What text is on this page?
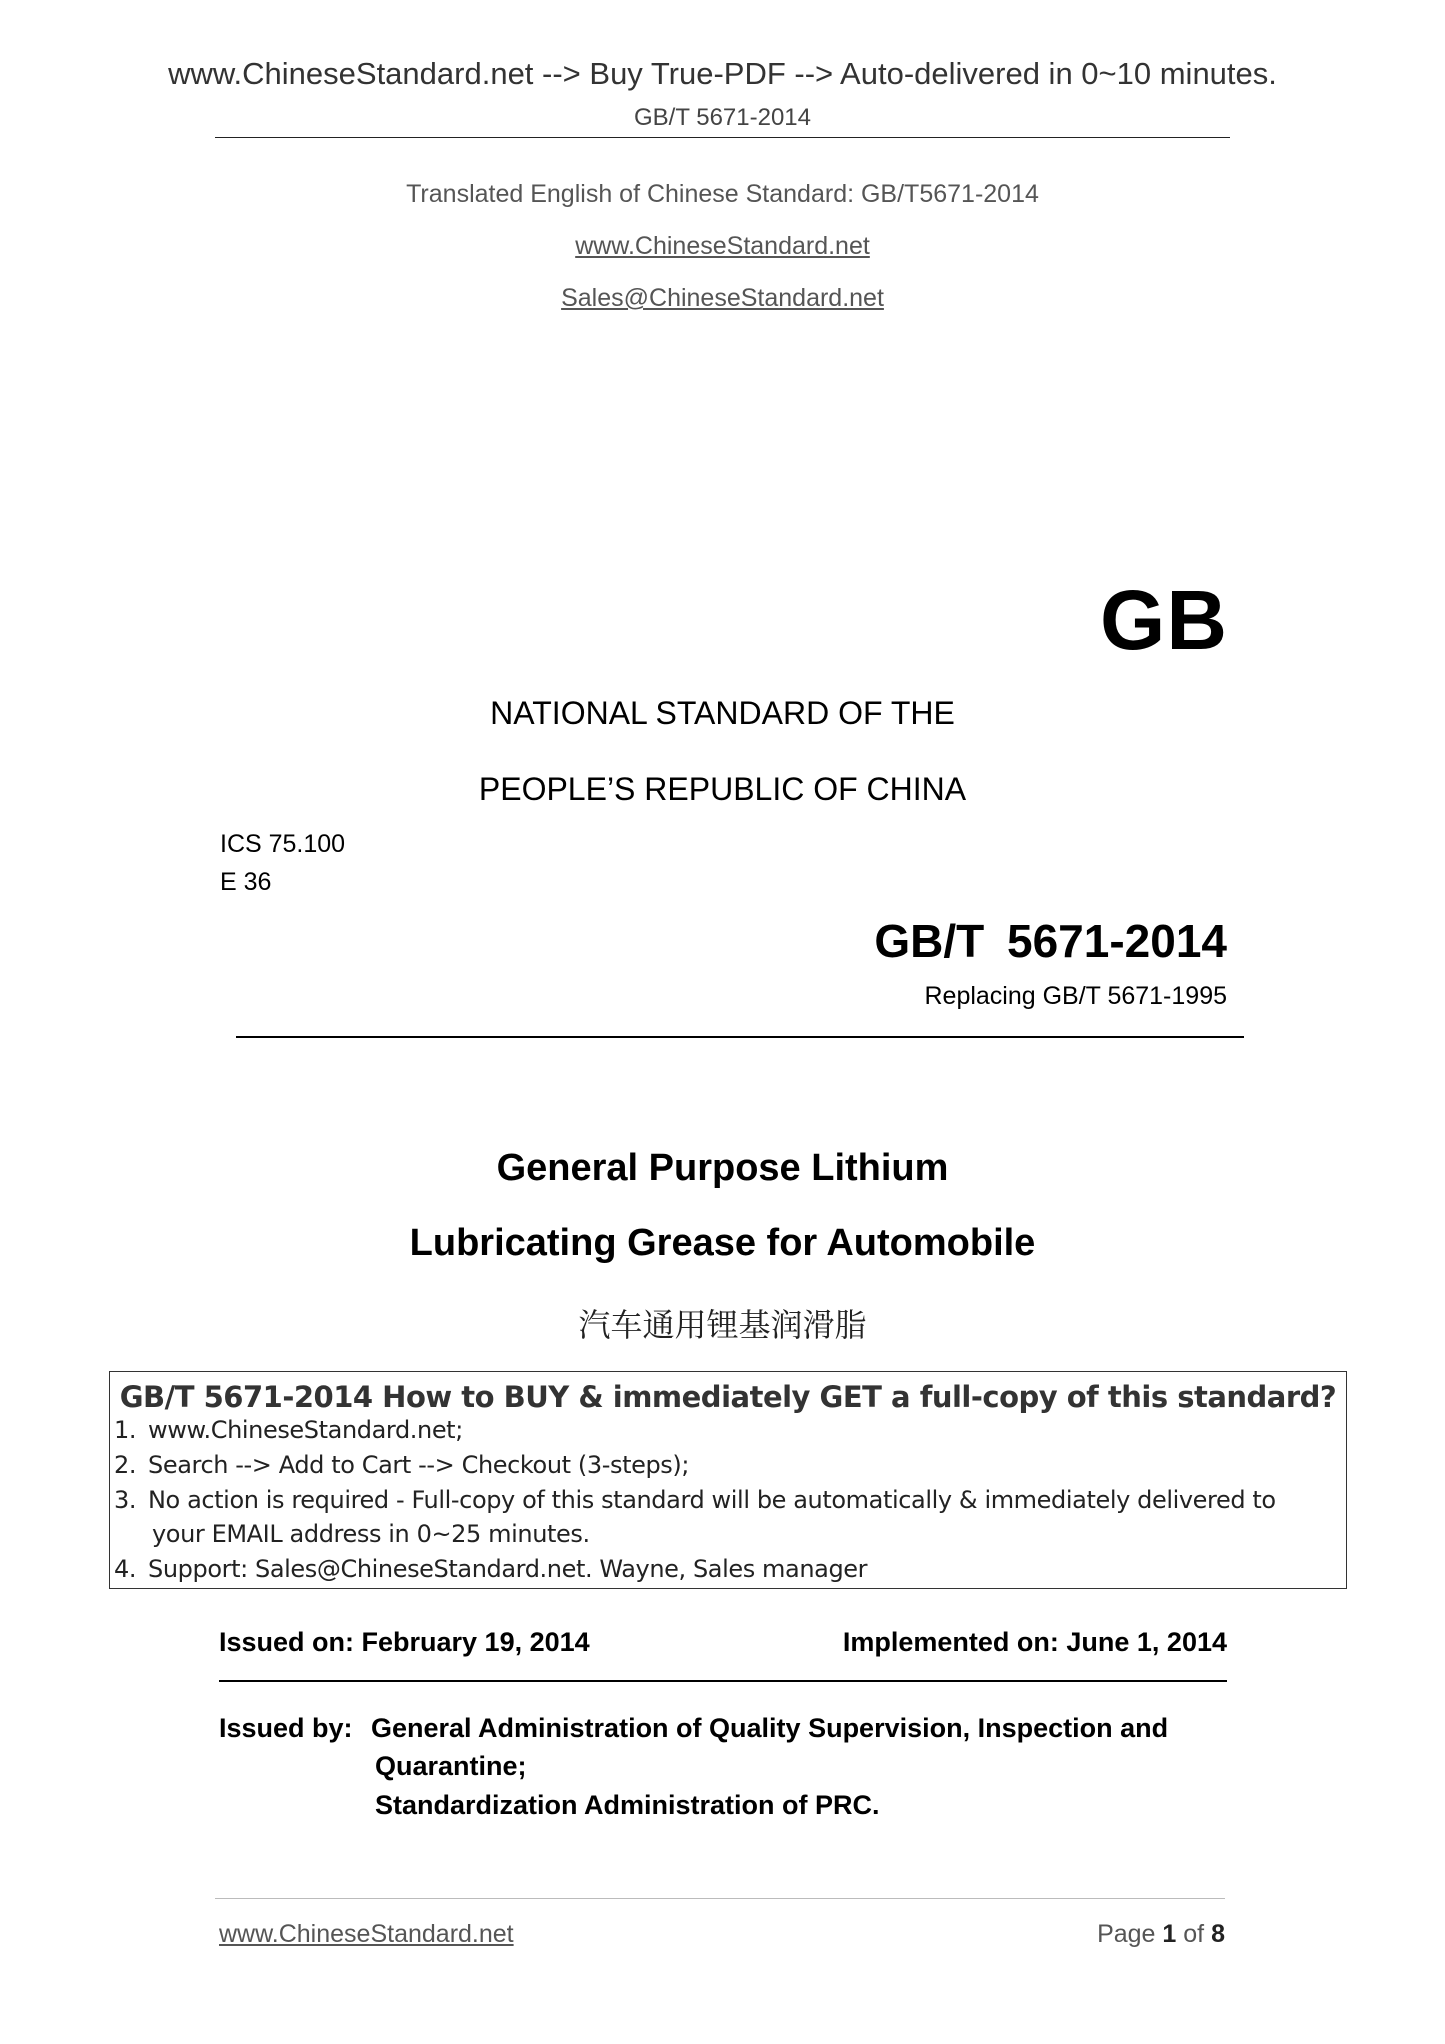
www.ChineseStandard.net --> Buy True-PDF --> Auto-delivered in 0~10 minutes.
GB/T 5671-2014
Translated English of Chinese Standard: GB/T5671-2014
www.ChineseStandard.net
Sales@ChineseStandard.net
GB
NATIONAL STANDARD OF THE
PEOPLE’S REPUBLIC OF CHINA
ICS 75.100
E 36
GB/T 5671-2014
Replacing GB/T 5671-1995
General Purpose Lithium
Lubricating Grease for Automobile
汽车通用锂基润滑脂
GB/T 5671-2014 How to BUY & immediately GET a full-copy of this standard?
1. www.ChineseStandard.net;
2. Search --> Add to Cart --> Checkout (3-steps);
3. No action is required - Full-copy of this standard will be automatically & immediately delivered to
your EMAIL address in 0~25 minutes.
4. Support: Sales@ChineseStandard.net. Wayne, Sales manager
Issued on: February 19, 2014	Implemented on: June 1, 2014
Issued by: General Administration of Quality Supervision, Inspection and
Quarantine;
Standardization Administration of PRC.
www.ChineseStandard.net	Page 1 of 8
